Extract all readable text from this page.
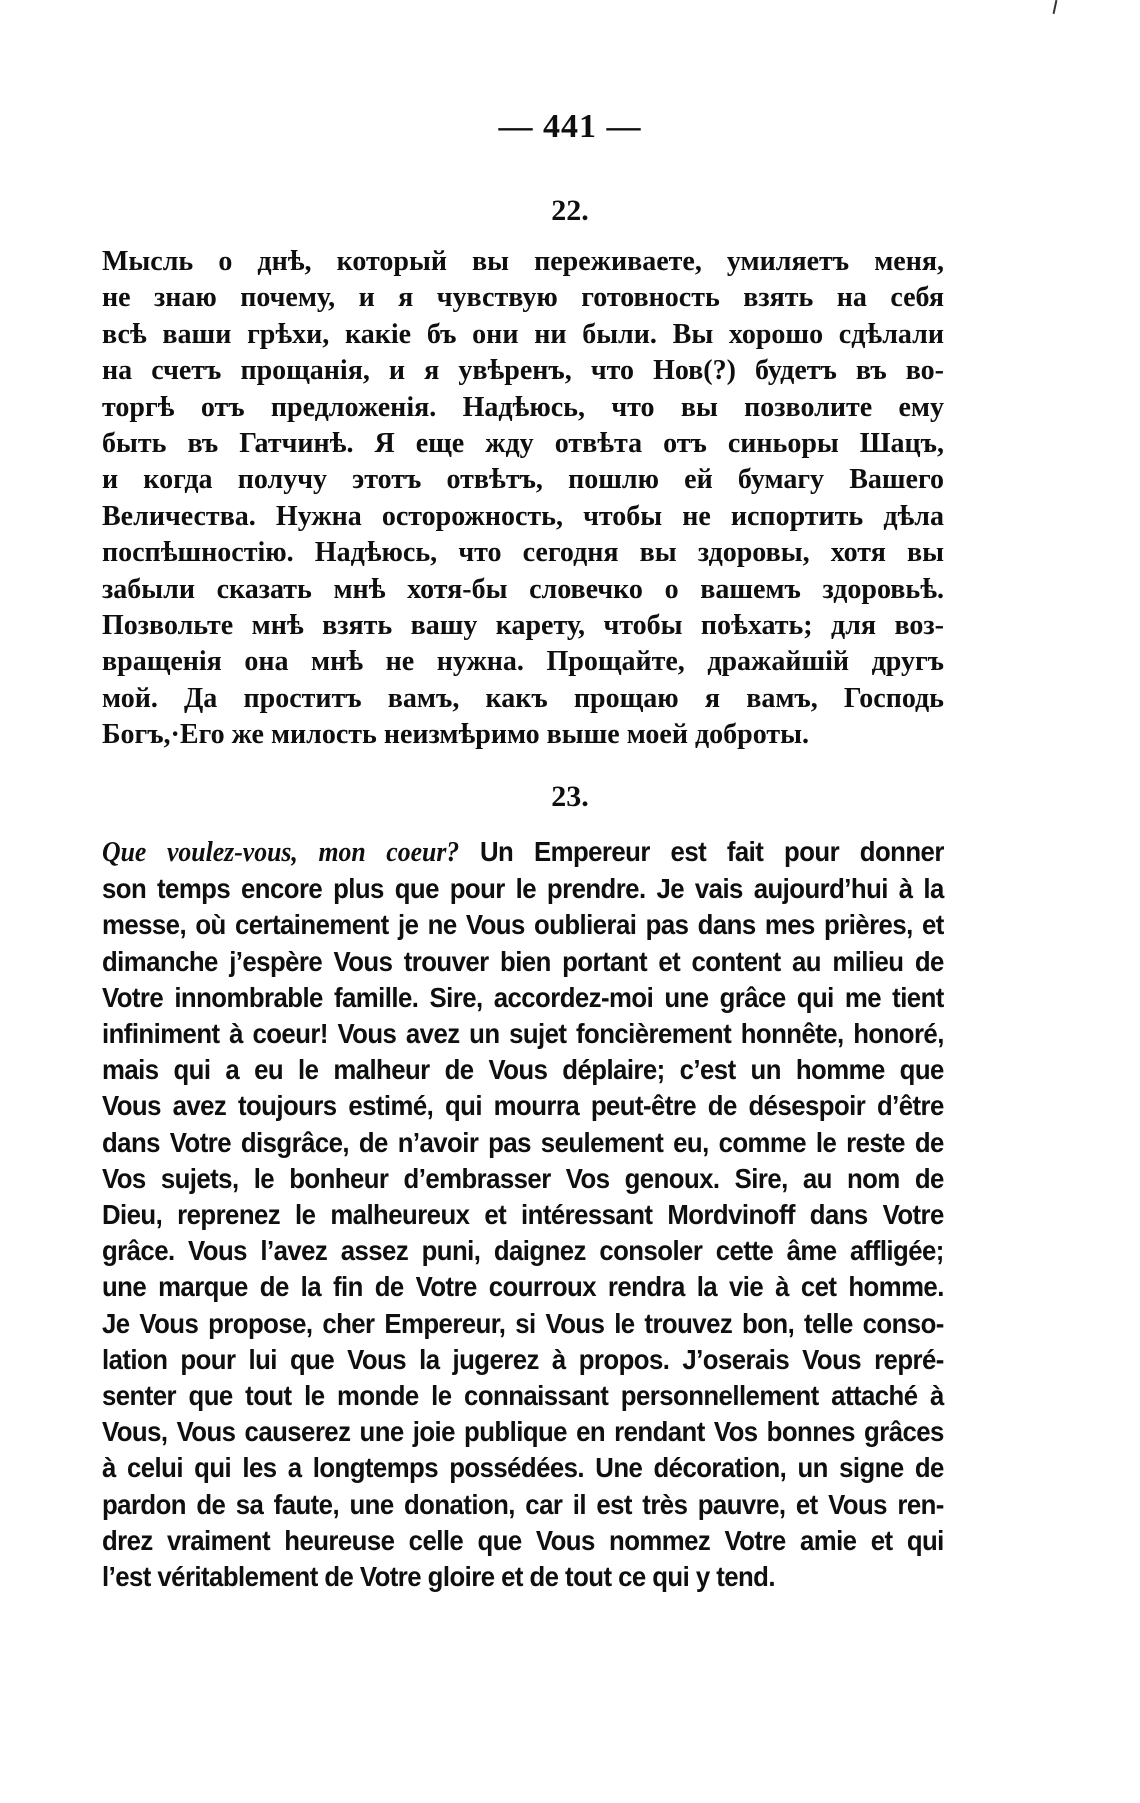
— 441 —
22.
Мысль о днѣ, который вы переживаете, умиляетъ меня,
не знаю почему, и я чувствую готовность взять на себя
всѣ ваши грѣхи, какіе бъ они ни были. Вы хорошо сдѣлали
на счетъ прощанія, и я увѣренъ, что Нов(?) будетъ въ во-
торгѣ отъ предложенія. Надѣюсь, что вы позволите ему
быть въ Гатчинѣ. Я еще жду отвѣта отъ синьоры Шацъ,
и когда получу этотъ отвѣтъ, пошлю ей бумагу Вашего
Величества. Нужна осторожность, чтобы не испортить дѣла
поспѣшностію. Надѣюсь, что сегодня вы здоровы, хотя вы
забыли сказать мнѣ хотя-бы словечко о вашемъ здоровьѣ.
Позвольте мнѣ взять вашу карету, чтобы поѣхать; для воз-
вращенія она мнѣ не нужна. Прощайте, дражайшій другъ
мой. Да проститъ вамъ, какъ прощаю я вамъ, Господь
Богъ,·Его же милость неизмѣримо выше моей доброты.
23.
Que voulez-vous, mon coeur? Un Empereur est fait pour donner
son temps encore plus que pour le prendre. Je vais aujourd’hui à la
messe, où certainement je ne Vous oublierai pas dans mes prières, et
dimanche j’espère Vous trouver bien portant et content au milieu de
Votre innombrable famille. Sire, accordez-moi une grâce qui me tient
infiniment à coeur! Vous avez un sujet foncièrement honnête, honoré,
mais qui a eu le malheur de Vous déplaire; c’est un homme que
Vous avez toujours estimé, qui mourra peut-être de désespoir d’être
dans Votre disgrâce, de n’avoir pas seulement eu, comme le reste de
Vos sujets, le bonheur d’embrasser Vos genoux. Sire, au nom de
Dieu, reprenez le malheureux et intéressant Mordvinoff dans Votre
grâce. Vous l’avez assez puni, daignez consoler cette âme affligée;
une marque de la fin de Votre courroux rendra la vie à cet homme.
Je Vous propose, cher Empereur, si Vous le trouvez bon, telle conso-
lation pour lui que Vous la jugerez à propos. J’oserais Vous repré-
senter que tout le monde le connaissant personnellement attaché à
Vous, Vous causerez une joie publique en rendant Vos bonnes grâces
à celui qui les a longtemps possédées. Une décoration, un signe de
pardon de sa faute, une donation, car il est très pauvre, et Vous ren-
drez vraiment heureuse celle que Vous nommez Votre amie et qui
l’est véritablement de Votre gloire et de tout ce qui y tend.
